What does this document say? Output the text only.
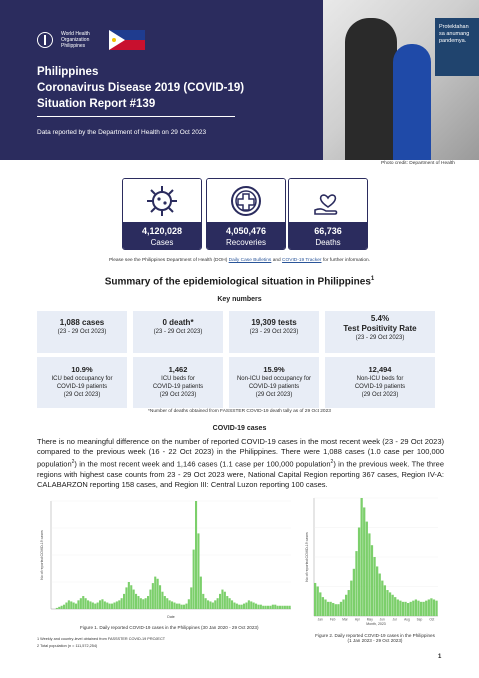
World Health Organization
Philippines
Philippines
Coronavirus Disease 2019 (COVID-19)
Situation Report #139
Data reported by the Department of Health on 29 Oct 2023
Protektahan sa anumang pandemya.
Photo credit: Department of Health
4,120,028
Cases
4,050,476
Recoveries
66,736
Deaths
Please see the Philippines Department of Health (DOH) Daily Case Bulletins and COVID-19 Tracker for further information.
Summary of the epidemiological situation in Philippines$^1$
Key numbers
1,088 cases
(23 - 29 Oct 2023)
0 death*
(23 - 29 Oct 2023)
19,309 tests
(23 - 29 Oct 2023)
5.4%
Test Positivity Rate
(23 - 29 Oct 2023)
10.9%
ICU bed occupancy for
COVID-19 patients
(29 Oct 2023)
1,462
ICU beds for
COVID-19 patients
(29 Oct 2023)
15.9%
Non-ICU bed occupancy for
COVID-19 patients
(29 Oct 2023)
12,494
Non-ICU beds for
COVID-19 patients
(29 Oct 2023)
*Number of deaths obtained from FASSSTER COVID-19 death tally as of 29 Oct 2023
COVID-19 cases
There is no meaningful difference on the number of reported COVID-19 cases in the most recent week (23 - 29 Oct 2023) compared to the previous week (16 - 22 Oct 2023) in the Philippines. There were 1,088 cases (1.0 case per 100,000 population$^2$) in the most recent week and 1,146 cases (1.1 case per 100,000 population$^2$) in the previous week. The three regions with highest case counts from 23 - 29 Oct 2023 were, National Capital Region reporting 367 cases, Region IV-A: CALABARZON reporting 158 cases, and Region III: Central Luzon reporting 100 cases.
No of reported COVID-19 cases
Date
Figure 1. Daily reported COVID-19 cases in the Philippines (30 Jan 2020 - 29 Oct 2023)
No of reported COVID-19 cases
Month, 2023
Jan Feb Mar Apr May Jun Jul Aug Sep Oct
Figure 2. Daily reported COVID-19 cases in the Philippines
(1 Jan 2023 - 29 Oct 2023)
1 Weekly and country-level obtained from FASSSTER COVID-19 PROJECT
2 Total population (n = 111,572,254)
1
